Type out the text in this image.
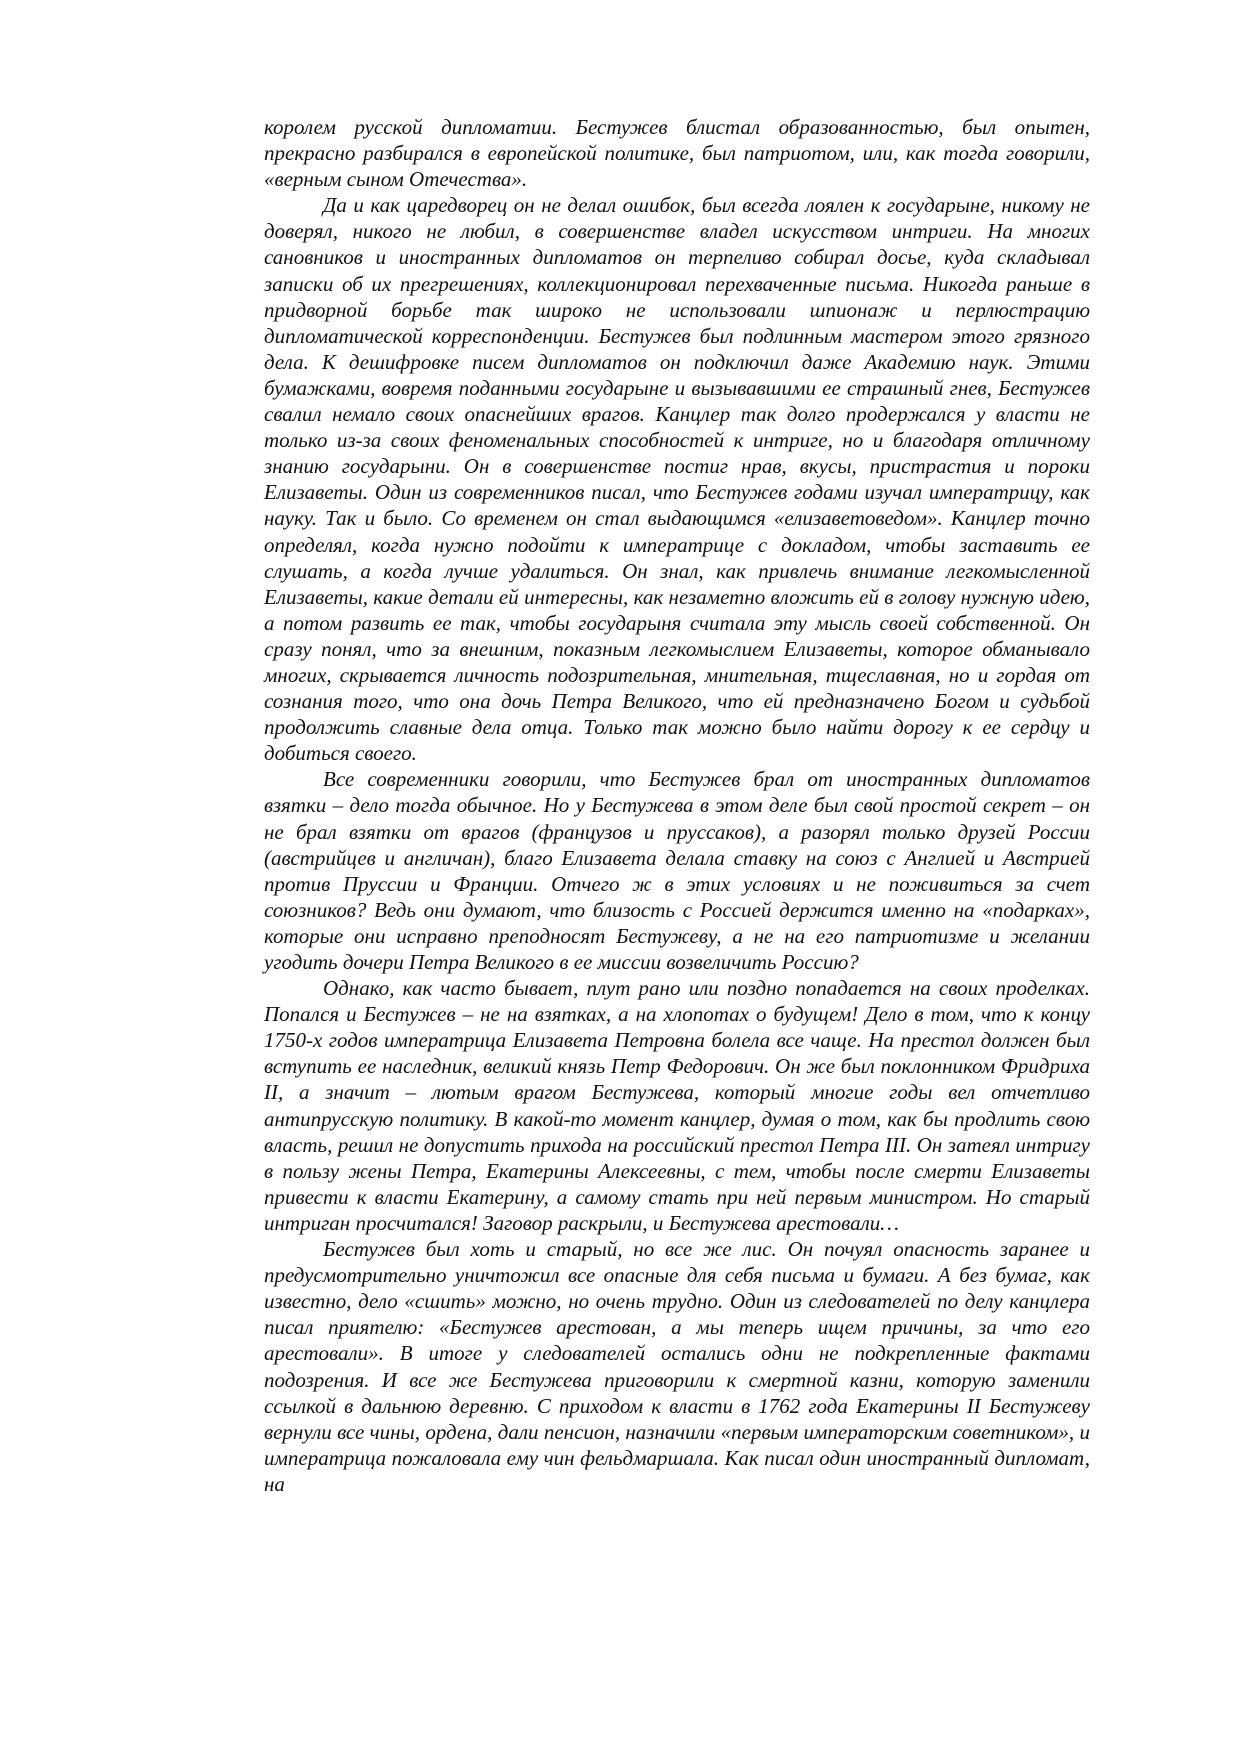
королем русской дипломатии. Бестужев блистал образованностью, был опытен, прекрасно разбирался в европейской политике, был патриотом, или, как тогда говорили, «верным сыном Отечества».

Да и как царедворец он не делал ошибок, был всегда лоялен к государыне, никому не доверял, никого не любил, в совершенстве владел искусством интриги. На многих сановников и иностранных дипломатов он терпеливо собирал досье, куда складывал записки об их прегрешениях, коллекционировал перехваченные письма. Никогда раньше в придворной борьбе так широко не использовали шпионаж и перлюстрацию дипломатической корреспонденции. Бестужев был подлинным мастером этого грязного дела. К дешифровке писем дипломатов он подключил даже Академию наук. Этими бумажками, вовремя поданными государыне и вызывавшими ее страшный гнев, Бестужев свалил немало своих опаснейших врагов. Канцлер так долго продержался у власти не только из-за своих феноменальных способностей к интриге, но и благодаря отличному знанию государыни. Он в совершенстве постиг нрав, вкусы, пристрастия и пороки Елизаветы. Один из современников писал, что Бестужев годами изучал императрицу, как науку. Так и было. Со временем он стал выдающимся «елизаветоведом». Канцлер точно определял, когда нужно подойти к императрице с докладом, чтобы заставить ее слушать, а когда лучше удалиться. Он знал, как привлечь внимание легкомысленной Елизаветы, какие детали ей интересны, как незаметно вложить ей в голову нужную идею, а потом развить ее так, чтобы государыня считала эту мысль своей собственной. Он сразу понял, что за внешним, показным легкомыслием Елизаветы, которое обманывало многих, скрывается личность подозрительная, мнительная, тщеславная, но и гордая от сознания того, что она дочь Петра Великого, что ей предназначено Богом и судьбой продолжить славные дела отца. Только так можно было найти дорогу к ее сердцу и добиться своего.

Все современники говорили, что Бестужев брал от иностранных дипломатов взятки – дело тогда обычное. Но у Бестужева в этом деле был свой простой секрет – он не брал взятки от врагов (французов и пруссаков), а разорял только друзей России (австрийцев и англичан), благо Елизавета делала ставку на союз с Англией и Австрией против Пруссии и Франции. Отчего ж в этих условиях и не поживиться за счет союзников? Ведь они думают, что близость с Россией держится именно на «подарках», которые они исправно преподносят Бестужеву, а не на его патриотизме и желании угодить дочери Петра Великого в ее миссии возвеличить Россию?

Однако, как часто бывает, плут рано или поздно попадается на своих проделках. Попался и Бестужев – не на взятках, а на хлопотах о будущем! Дело в том, что к концу 1750-х годов императрица Елизавета Петровна болела все чаще. На престол должен был вступить ее наследник, великий князь Петр Федорович. Он же был поклонником Фридриха II, а значит – лютым врагом Бестужева, который многие годы вел отчетливо антипрусскую политику. В какой-то момент канцлер, думая о том, как бы продлить свою власть, решил не допустить прихода на российский престол Петра III. Он затеял интригу в пользу жены Петра, Екатерины Алексеевны, с тем, чтобы после смерти Елизаветы привести к власти Екатерину, а самому стать при ней первым министром. Но старый интриган просчитался! Заговор раскрыли, и Бестужева арестовали…

Бестужев был хоть и старый, но все же лис. Он почуял опасность заранее и предусмотрительно уничтожил все опасные для себя письма и бумаги. А без бумаг, как известно, дело «сшить» можно, но очень трудно. Один из следователей по делу канцлера писал приятелю: «Бестужев арестован, а мы теперь ищем причины, за что его арестовали». В итоге у следователей остались одни не подкрепленные фактами подозрения. И все же Бестужева приговорили к смертной казни, которую заменили ссылкой в дальнюю деревню. С приходом к власти в 1762 года Екатерины II Бестужеву вернули все чины, ордена, дали пенсион, назначили «первым императорским советником», и императрица пожаловала ему чин фельдмаршала. Как писал один иностранный дипломат, на
